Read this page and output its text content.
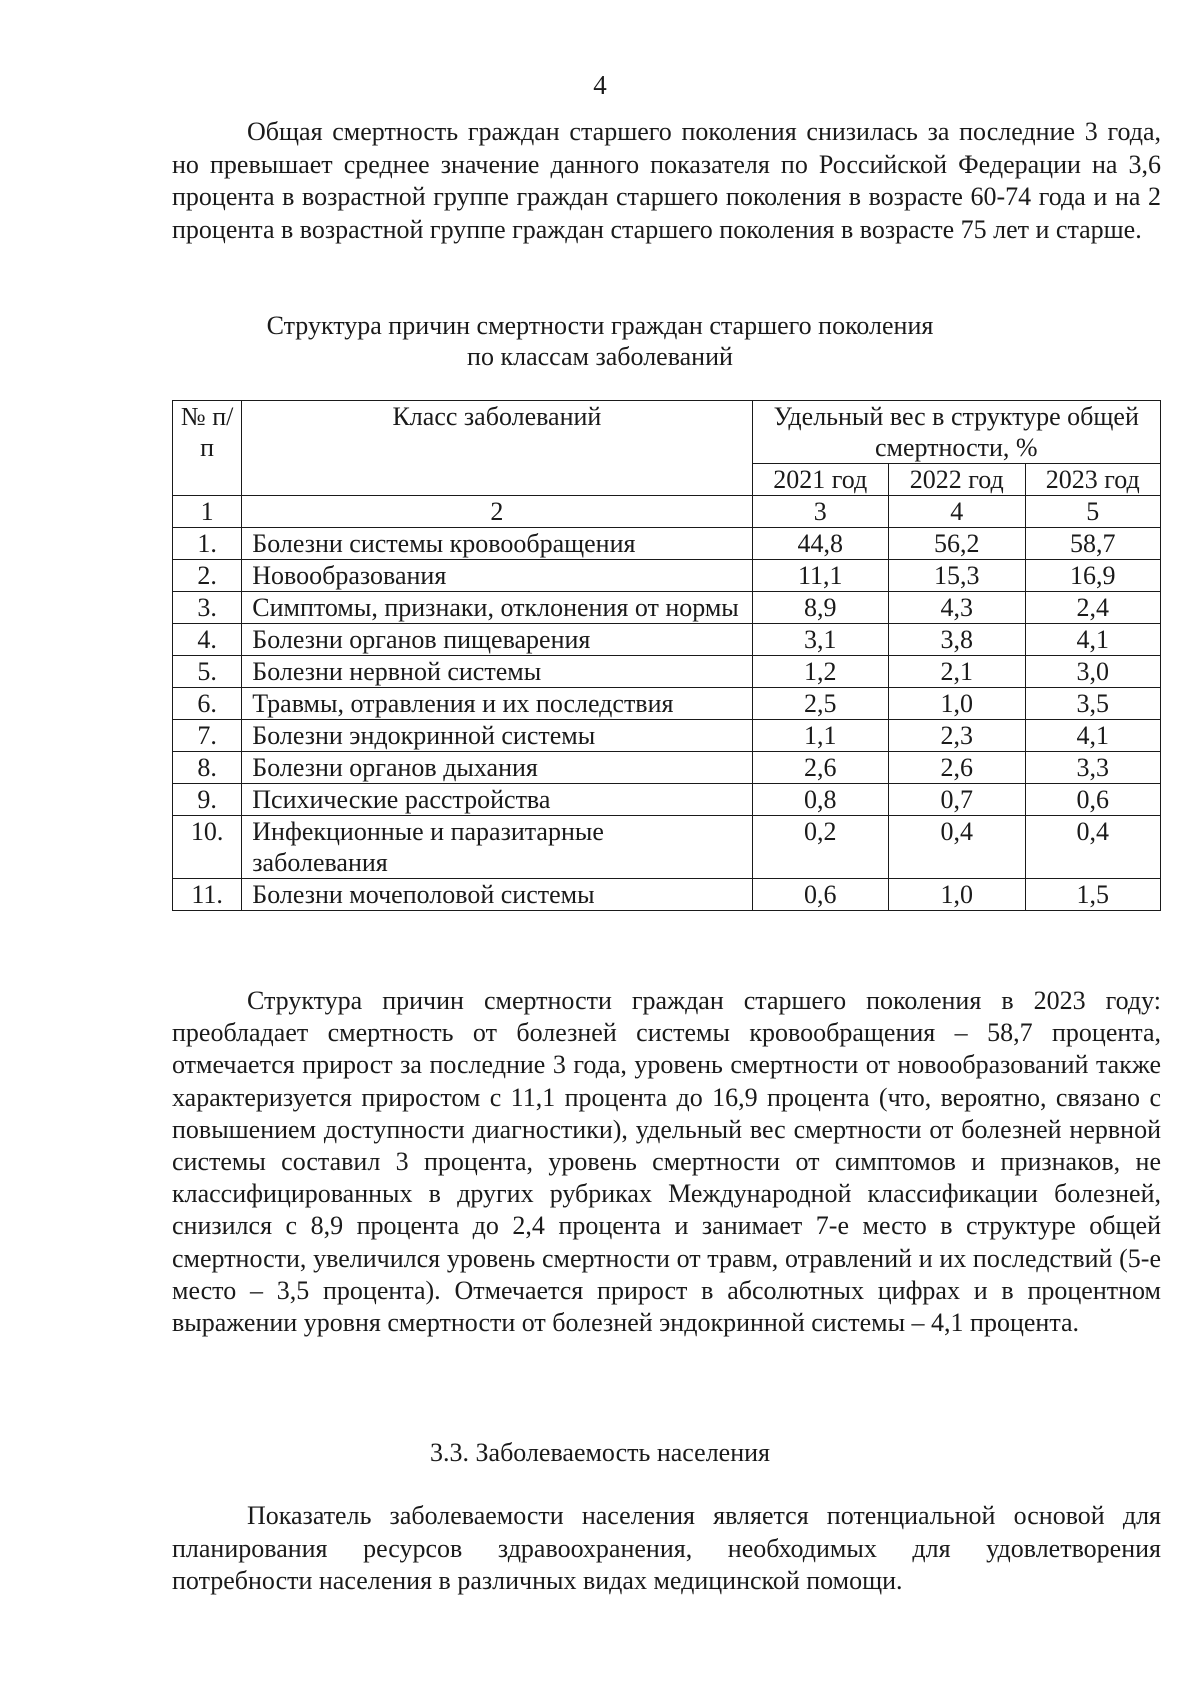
4

Общая смертность граждан старшего поколения снизилась за последние 3 года, но превышает среднее значение данного показателя по Российской Федерации на 3,6 процента в возрастной группе граждан старшего поколения в возрасте 60-74 года и на 2 процента в возрастной группе граждан старшего поколения в возрасте 75 лет и старше.

Структура причин смертности граждан старшего поколения
по классам заболеваний
№ п/п	Класс заболеваний	Удельный вес в структуре общей смертности, %		
		2021 год	2022 год	2023 год
1	2	3	4	5
1.	Болезни системы кровообращения	44,8	56,2	58,7
2.	Новообразования	11,1	15,3	16,9
3.	Симптомы, признаки, отклонения от нормы	8,9	4,3	2,4
4.	Болезни органов пищеварения	3,1	3,8	4,1
5.	Болезни нервной системы	1,2	2,1	3,0
6.	Травмы, отравления и их последствия	2,5	1,0	3,5
7.	Болезни эндокринной системы	1,1	2,3	4,1
8.	Болезни органов дыхания	2,6	2,6	3,3
9.	Психические расстройства	0,8	0,7	0,6
10.	Инфекционные и паразитарные заболевания	0,2	0,4	0,4
11.	Болезни мочеполовой системы	0,6	1,0	1,5

Структура причин смертности граждан старшего поколения в 2023 году: преобладает смертность от болезней системы кровообращения – 58,7 процента, отмечается прирост за последние 3 года, уровень смертности от новообразований также характеризуется приростом с 11,1 процента до 16,9 процента (что, вероятно, связано с повышением доступности диагностики), удельный вес смертности от болезней нервной системы составил 3 процента, уровень смертности от симптомов и признаков, не классифицированных в других рубриках Международной классификации болезней, снизился с 8,9 процента до 2,4 процента и занимает 7-е место в структуре общей смертности, увеличился уровень смертности от травм, отравлений и их последствий (5-е место – 3,5 процента). Отмечается прирост в абсолютных цифрах и в процентном выражении уровня смертности от болезней эндокринной системы – 4,1 процента.

3.3. Заболеваемость населения

Показатель заболеваемости населения является потенциальной основой для планирования ресурсов здравоохранения, необходимых для удовлетворения потребности населения в различных видах медицинской помощи.
